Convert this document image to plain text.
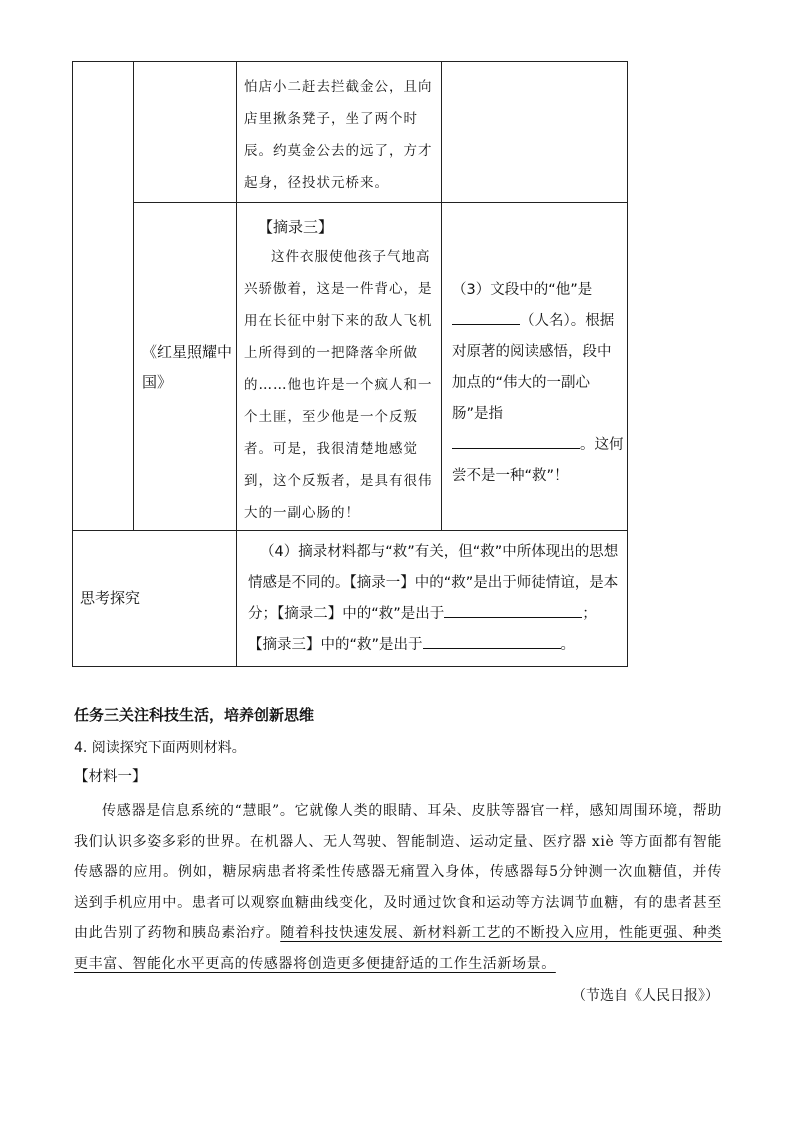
怕店小二赶去拦截金公，且向店里揪条凳子，坐了两个时辰。约莫金公去的远了，方才起身，径投状元桥来。
《红星照耀中国》
【摘录三】
这件衣服使他孩子气地高兴骄傲着，这是一件背心，是用在长征中射下来的敌人飞机上所得到的一把降落伞所做的……他也许是一个疯人和一个土匪，至少他是一个反叛者。可是，我很清楚地感觉到，这个反叛者，是具有很伟大的一副心肠的！
（3）文段中的“他”是（人名）。根据对原著的阅读感悟，段中加点的“伟大的一副心肠”是指。这何尝不是一种“救”！
思考探究
（4）摘录材料都与“救”有关，但“救”中所体现出的思想情感是不同的。【摘录一】中的“救”是出于师徒情谊，是本分；【摘录二】中的“救”是出于	；
【摘录三】中的“救”是出于	。
任务三关注科技生活，培养创新思维
4. 阅读探究下面两则材料。
【材料一】
传感器是信息系统的“慧眼”。它就像人类的眼睛、耳朵、皮肤等器官一样，感知周围环境，帮助我们认识多姿多彩的世界。在机器人、无人驾驶、智能制造、运动定量、医疗器 xiè 等方面都有智能传感器的应用。例如，糖尿病患者将柔性传感器无痛置入身体，传感器每5分钟测一次血糖值，并传送到手机应用中。患者可以观察血糖曲线变化，及时通过饮食和运动等方法调节血糖，有的患者甚至由此告别了药物和胰岛素治疗。随着科技快速发展、新材料新工艺的不断投入应用，性能更强、种类更丰富、智能化水平更高的传感器将创造更多便捷舒适的工作生活新场景。
（节选自《人民日报》）
